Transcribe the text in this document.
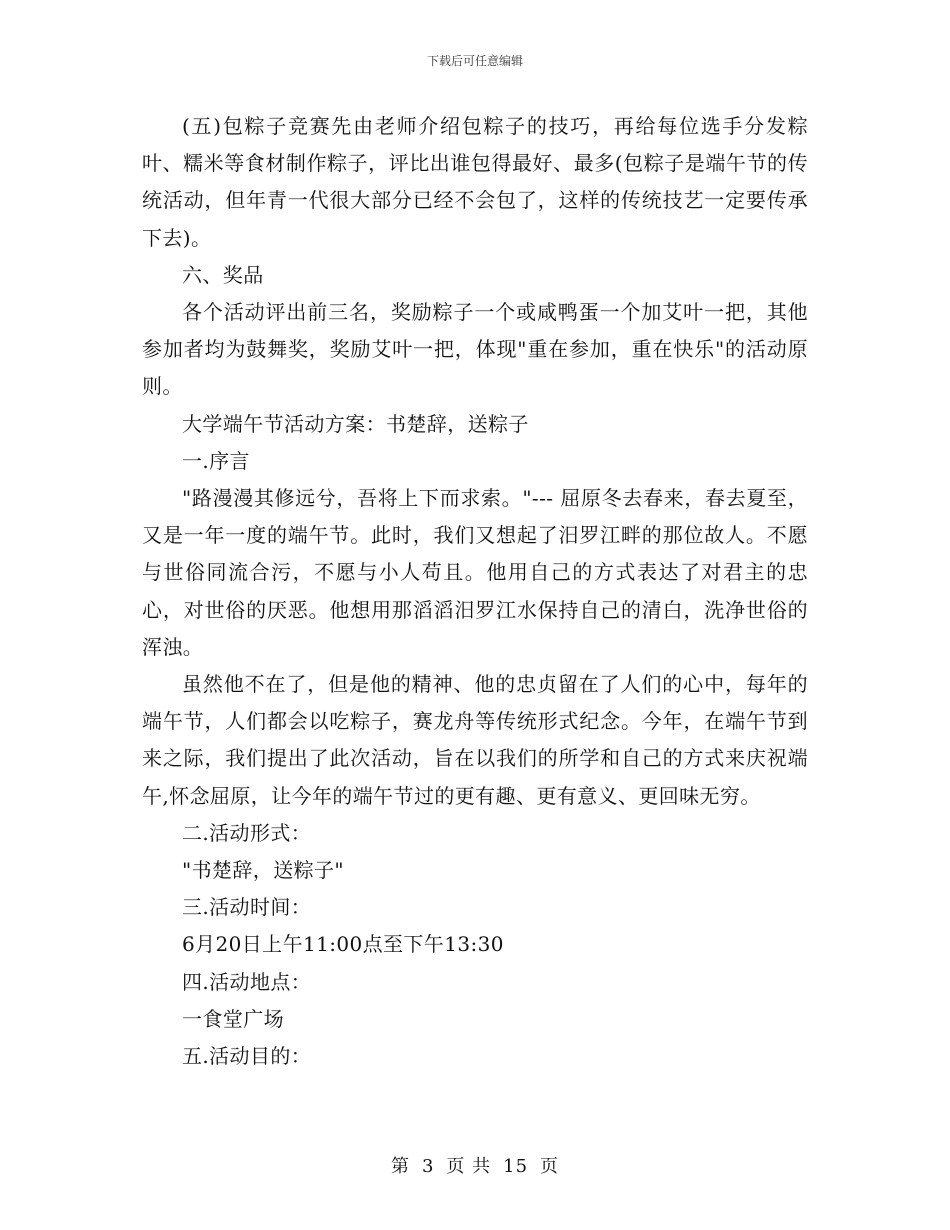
下载后可任意编辑

(五)包粽子竞赛先由老师介绍包粽子的技巧，再给每位选手分发粽叶、糯米等食材制作粽子，评比出谁包得最好、最多(包粽子是端午节的传统活动，但年青一代很大部分已经不会包了，这样的传统技艺一定要传承下去)。

六、奖品

各个活动评出前三名，奖励粽子一个或咸鸭蛋一个加艾叶一把，其他参加者均为鼓舞奖，奖励艾叶一把，体现"重在参加，重在快乐"的活动原则。

大学端午节活动方案：书楚辞，送粽子

一.序言

"路漫漫其修远兮，吾将上下而求索。"--- 屈原冬去春来，春去夏至，又是一年一度的端午节。此时，我们又想起了汨罗江畔的那位故人。不愿与世俗同流合污，不愿与小人苟且。他用自己的方式表达了对君主的忠心，对世俗的厌恶。他想用那滔滔汨罗江水保持自己的清白，洗净世俗的浑浊。

虽然他不在了，但是他的精神、他的忠贞留在了人们的心中，每年的端午节，人们都会以吃粽子，赛龙舟等传统形式纪念。今年，在端午节到来之际，我们提出了此次活动，旨在以我们的所学和自己的方式来庆祝端午,怀念屈原，让今年的端午节过的更有趣、更有意义、更回味无穷。

二.活动形式：

"书楚辞，送粽子"

三.活动时间：

6月20日上午11:00点至下午13:30

四.活动地点：

一食堂广场

五.活动目的：

第 3 页 共 15 页
